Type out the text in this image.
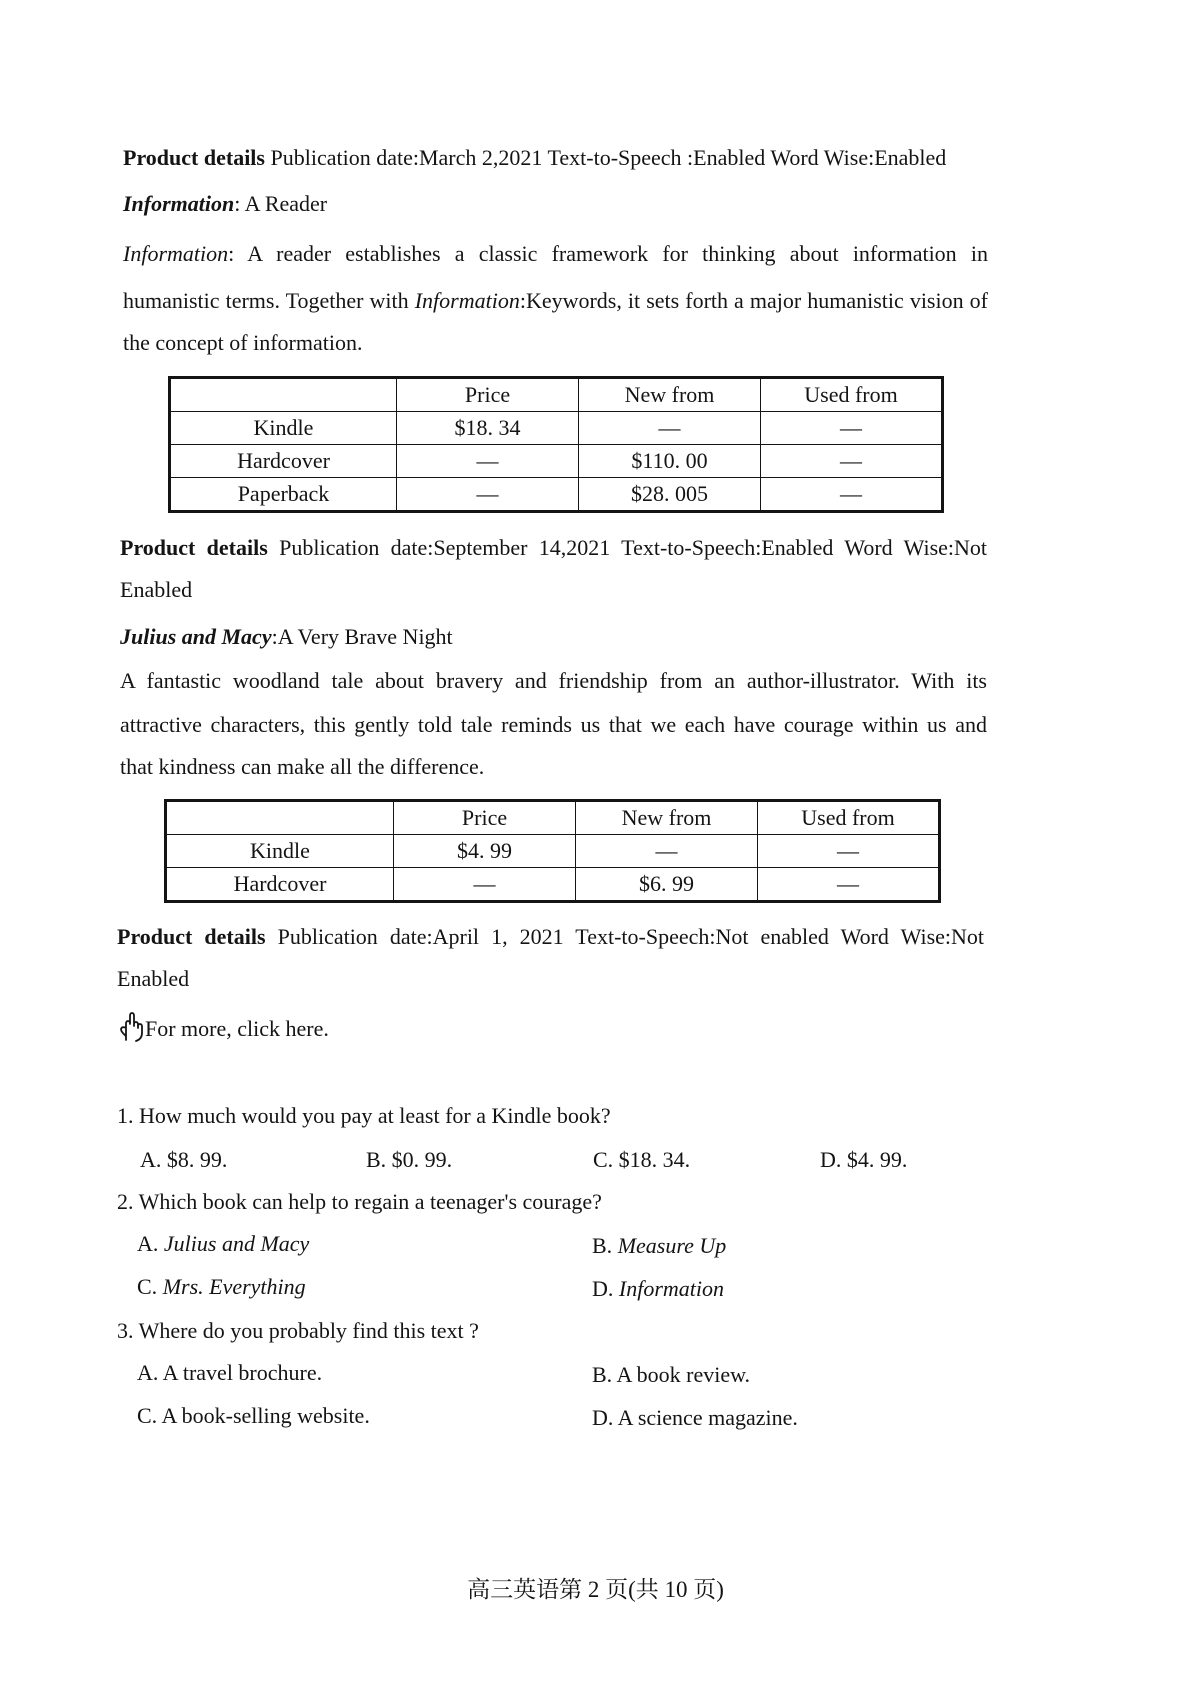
Product details Publication date:March 2,2021 Text-to-Speech :Enabled Word Wise:Enabled
Information: A Reader
Information: A reader establishes a classic framework for thinking about information in
humanistic terms. Together with Information:Keywords, it sets forth a major humanistic vision of
the concept of information.
	Price	New from	Used from
Kindle	$18. 34	—	—
Hardcover	—	$110. 00	—
Paperback	—	$28. 005	—
Product details Publication date:September 14,2021 Text-to-Speech:Enabled Word Wise:Not
Enabled
Julius and Macy:A Very Brave Night
A fantastic woodland tale about bravery and friendship from an author-illustrator. With its
attractive characters, this gently told tale reminds us that we each have courage within us and
that kindness can make all the difference.
	Price	New from	Used from
Kindle	$4. 99	—	—
Hardcover	—	$6. 99	—
Product details Publication date:April 1, 2021 Text-to-Speech:Not enabled Word Wise:Not
Enabled
For more, click here.
1. How much would you pay at least for a Kindle book?
A. $8. 99.	B. $0. 99.	C. $18. 34.	D. $4. 99.
2. Which book can help to regain a teenager's courage?
A. Julius and Macy	B. Measure Up
C. Mrs. Everything	D. Information
3. Where do you probably find this text ?
A. A travel brochure.	B. A book review.
C. A book-selling website.	D. A science magazine.
高三英语第 2 页(共 10 页)
